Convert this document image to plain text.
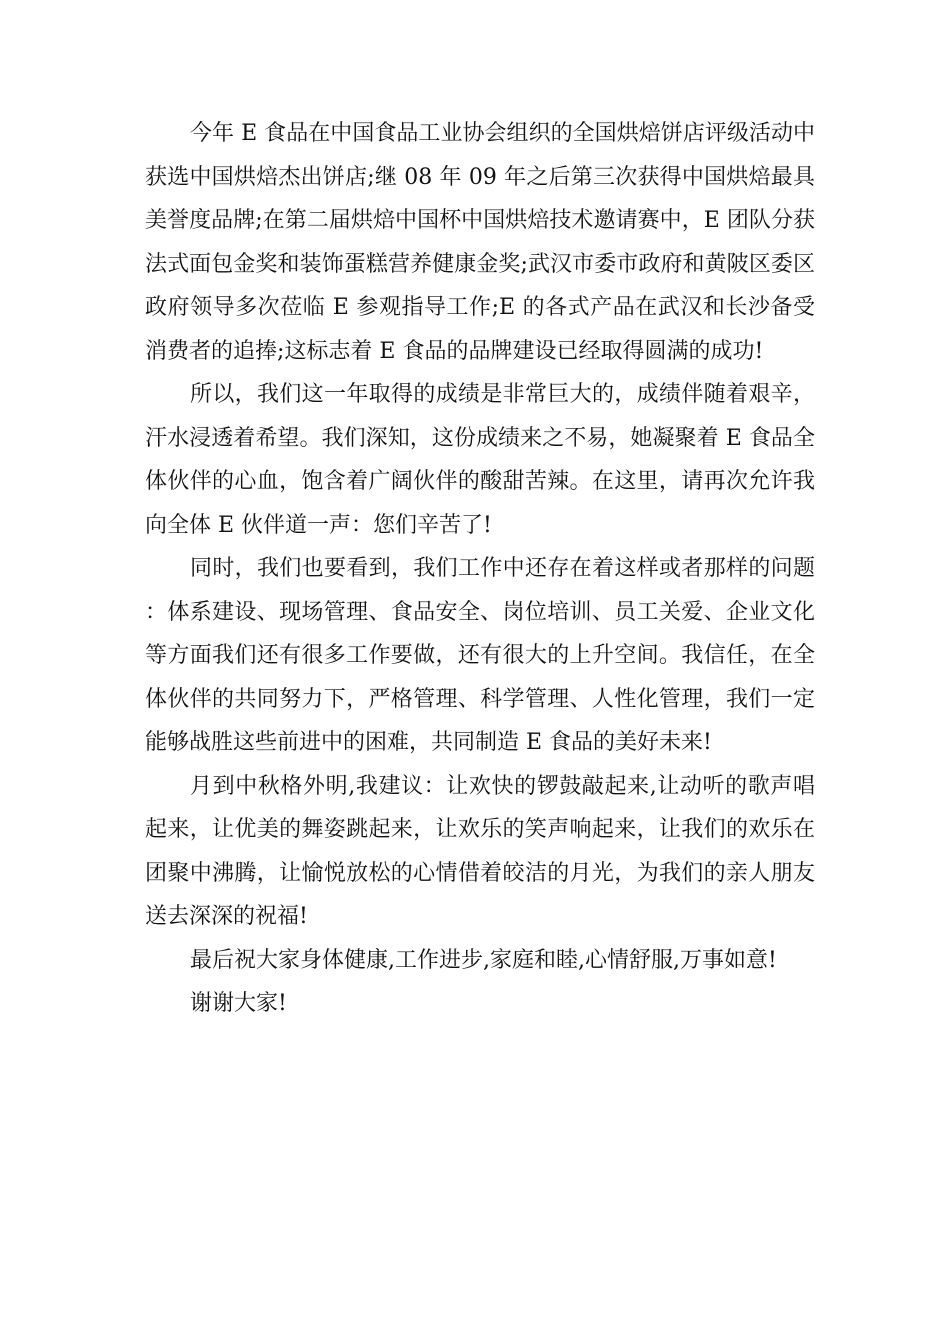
今年 E 食品在中国食品工业协会组织的全国烘焙饼店评级活动中获选中国烘焙杰出饼店;继 08 年 09 年之后第三次获得中国烘焙最具美誉度品牌;在第二届烘焙中国杯中国烘焙技术邀请赛中，E 团队分获法式面包金奖和装饰蛋糕营养健康金奖;武汉市委市政府和黄陂区委区政府领导多次莅临 E 参观指导工作;E 的各式产品在武汉和长沙备受消费者的追捧;这标志着 E 食品的品牌建设已经取得圆满的成功!

所以，我们这一年取得的成绩是非常巨大的，成绩伴随着艰辛，汗水浸透着希望。我们深知，这份成绩来之不易，她凝聚着 E 食品全体伙伴的心血，饱含着广阔伙伴的酸甜苦辣。在这里，请再次允许我向全体 E 伙伴道一声：您们辛苦了!

同时，我们也要看到，我们工作中还存在着这样或者那样的问题：体系建设、现场管理、食品安全、岗位培训、员工关爱、企业文化等方面我们还有很多工作要做，还有很大的上升空间。我信任，在全体伙伴的共同努力下，严格管理、科学管理、人性化管理，我们一定能够战胜这些前进中的困难，共同制造 E 食品的美好未来!

月到中秋格外明,我建议：让欢快的锣鼓敲起来,让动听的歌声唱起来，让优美的舞姿跳起来，让欢乐的笑声响起来，让我们的欢乐在团聚中沸腾，让愉悦放松的心情借着皎洁的月光，为我们的亲人朋友送去深深的祝福!

最后祝大家身体健康,工作进步,家庭和睦,心情舒服,万事如意!

谢谢大家!
